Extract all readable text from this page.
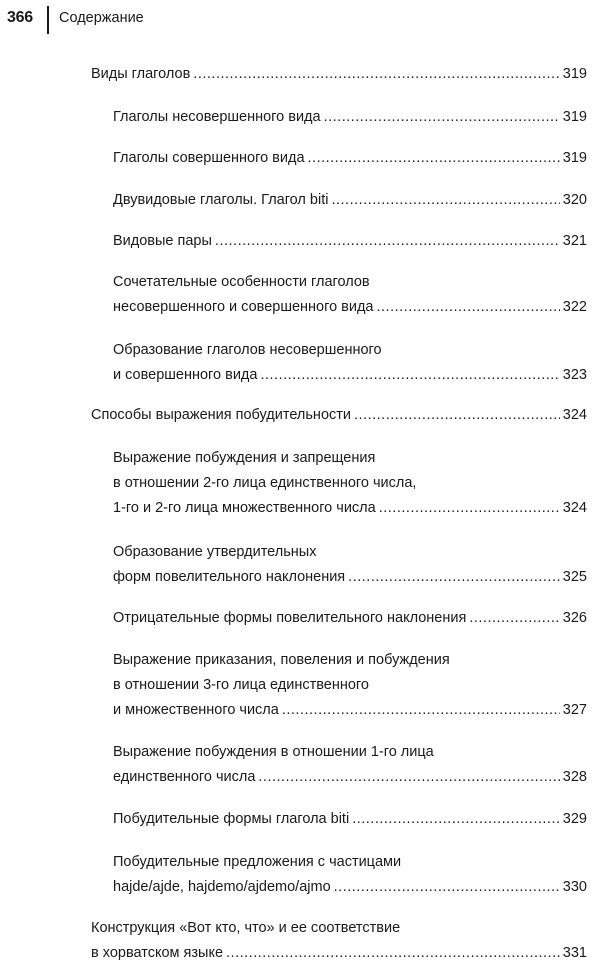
366 Содержание
Виды глаголов .....	319
Глаголы несовершенного вида .....	319
Глаголы совершенного вида .....	319
Двувидовые глаголы. Глагол biti .....	320
Видовые пары .....	321
Сочетательные особенности глаголов
несовершенного и совершенного вида .....	322
Образование глаголов несовершенного
и совершенного вида .....	323
Способы выражения побудительности .....	324
Выражение побуждения и запрещения
в отношении 2-го лица единственного числа,
1-го и 2-го лица множественного числа .....	324
Образование утвердительных
форм повелительного наклонения .....	325
Отрицательные формы повелительного наклонения .....	326
Выражение приказания, повеления и побуждения
в отношении 3-го лица единственного
и множественного числа .....	327
Выражение побуждения в отношении 1-го лица
единственного числа .....	328
Побудительные формы глагола biti .....	329
Побудительные предложения с частицами
hajde/ajde, hajdemo/ajdemo/ajmo .....	330
Конструкция «Вот кто, что» и ее соответствие
в хорватском языке .....	331
